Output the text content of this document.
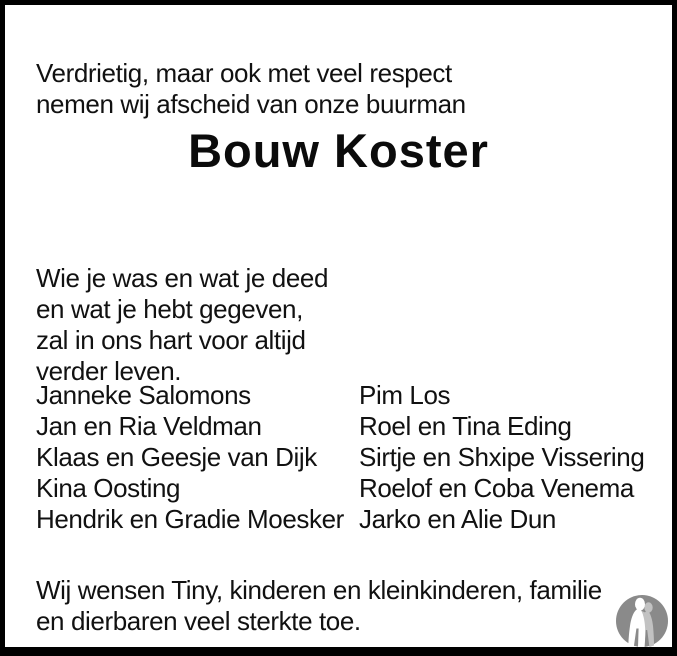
Verdrietig, maar ook met veel respect
nemen wij afscheid van onze buurman

Bouw Koster

Wie je was en wat je deed
en wat je hebt gegeven,
zal in ons hart voor altijd
verder leven.

Janneke Salomons
Jan en Ria Veldman
Klaas en Geesje van Dijk
Kina Oosting
Hendrik en Gradie Moesker
Pim Los
Roel en Tina Eding
Sirtje en Shxipe Vissering
Roelof en Coba Venema
Jarko en Alie Dun

Wij wensen Tiny, kinderen en kleinkinderen, familie
en dierbaren veel sterkte toe.
